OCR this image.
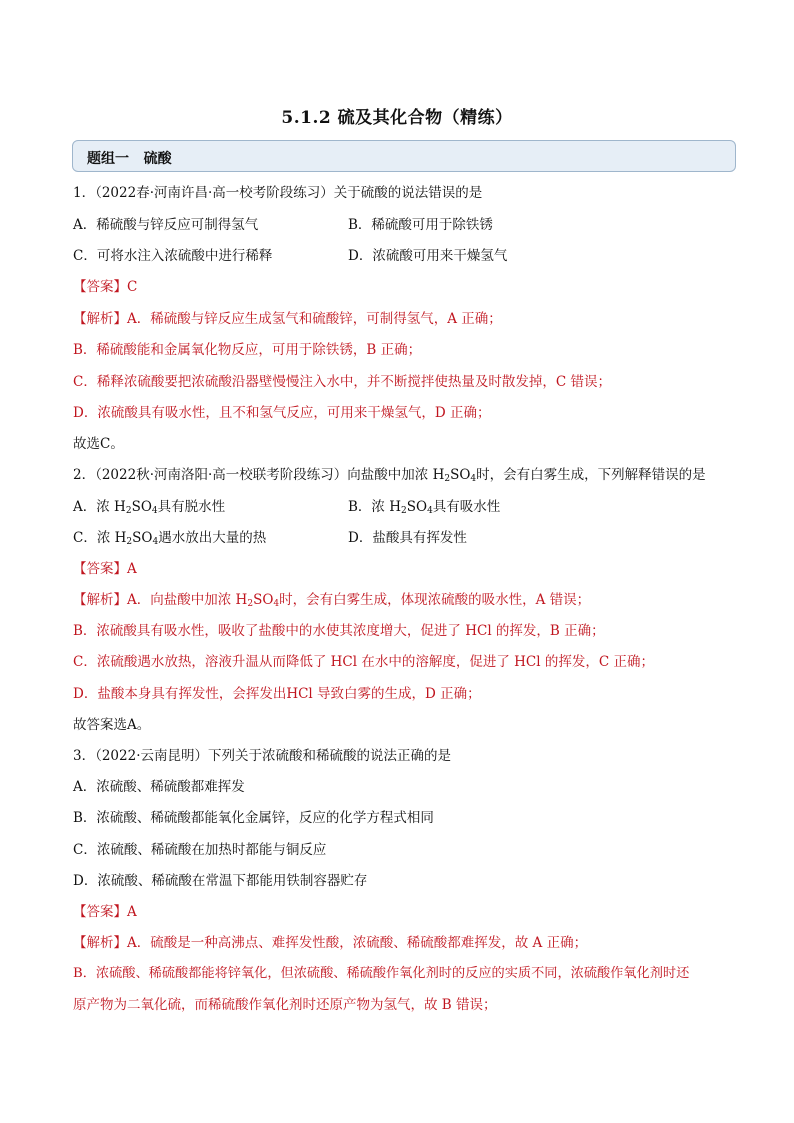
5.1.2 硫及其化合物（精练）
题组一   硫酸
1．（2022春·河南许昌·高一校考阶段练习）关于硫酸的说法错误的是
A．稀硫酸与锌反应可制得氢气	B．稀硫酸可用于除铁锈
C．可将水注入浓硫酸中进行稀释	D．浓硫酸可用来干燥氢气
【答案】C
【解析】A．稀硫酸与锌反应生成氢气和硫酸锌，可制得氢气，A 正确；
B．稀硫酸能和金属氧化物反应，可用于除铁锈，B 正确；
C．稀释浓硫酸要把浓硫酸沿器壁慢慢注入水中，并不断搅拌使热量及时散发掉，C 错误；
D．浓硫酸具有吸水性，且不和氢气反应，可用来干燥氢气，D 正确；
故选C。
2．（2022秋·河南洛阳·高一校联考阶段练习）向盐酸中加浓 $H_2SO_4$时，会有白雾生成，下列解释错误的是
A．浓 $H_2SO_4$具有脱水性	B．浓 $H_2SO_4$具有吸水性
C．浓 $H_2SO_4$遇水放出大量的热	D．盐酸具有挥发性
【答案】A
【解析】A．向盐酸中加浓 $H_2SO_4$时，会有白雾生成，体现浓硫酸的吸水性，A 错误；
B．浓硫酸具有吸水性，吸收了盐酸中的水使其浓度增大，促进了 HCl 的挥发，B 正确；
C．浓硫酸遇水放热，溶液升温从而降低了 HCl 在水中的溶解度，促进了 HCl 的挥发，C 正确；
D．盐酸本身具有挥发性，会挥发出HCl 导致白雾的生成，D 正确；
故答案选A。
3．（2022·云南昆明）下列关于浓硫酸和稀硫酸的说法正确的是
A．浓硫酸、稀硫酸都难挥发
B．浓硫酸、稀硫酸都能氧化金属锌，反应的化学方程式相同
C．浓硫酸、稀硫酸在加热时都能与铜反应
D．浓硫酸、稀硫酸在常温下都能用铁制容器贮存
【答案】A
【解析】A．硫酸是一种高沸点、难挥发性酸，浓硫酸、稀硫酸都难挥发，故 A 正确；
B．浓硫酸、稀硫酸都能将锌氧化，但浓硫酸、稀硫酸作氧化剂时的反应的实质不同，浓硫酸作氧化剂时还
原产物为二氧化硫，而稀硫酸作氧化剂时还原产物为氢气，故 B 错误；
